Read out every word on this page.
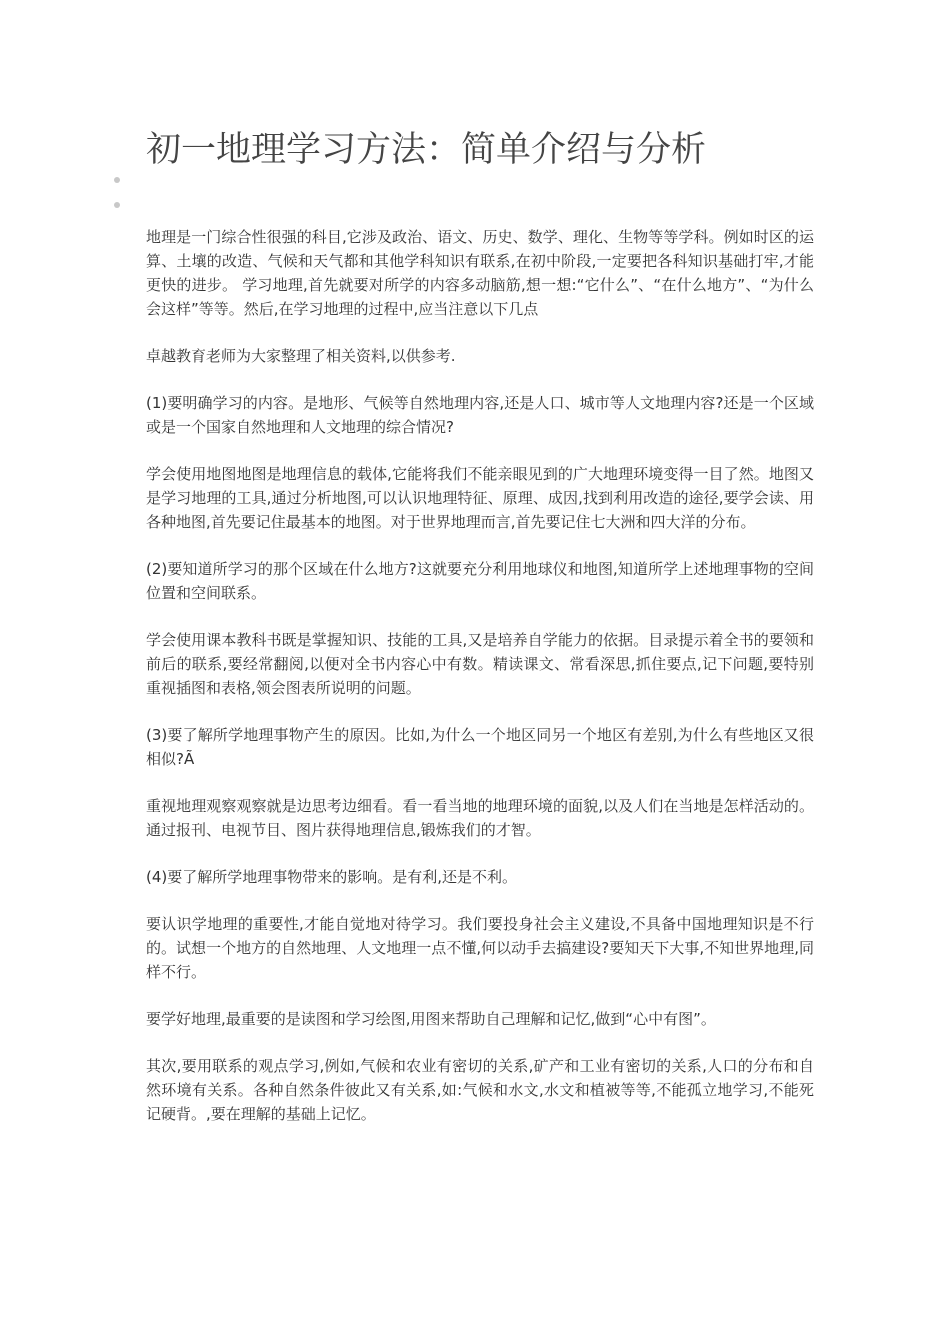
初一地理学习方法：简单介绍与分析

地理是一门综合性很强的科目,它涉及政治、语文、历史、数学、理化、生物等等学科。例如时区的运算、土壤的改造、气候和天气都和其他学科知识有联系,在初中阶段,一定要把各科知识基础打牢,才能更快的进步。 学习地理,首先就要对所学的内容多动脑筋,想一想:“它什么”、“在什么地方”、“为什么会这样”等等。然后,在学习地理的过程中,应当注意以下几点

卓越教育老师为大家整理了相关资料,以供参考.

(1)要明确学习的内容。是地形、气候等自然地理内容,还是人口、城市等人文地理内容?还是一个区域或是一个国家自然地理和人文地理的综合情况?

学会使用地图地图是地理信息的载体,它能将我们不能亲眼见到的广大地理环境变得一目了然。地图又是学习地理的工具,通过分析地图,可以认识地理特征、原理、成因,找到利用改造的途径,要学会读、用各种地图,首先要记住最基本的地图。对于世界地理而言,首先要记住七大洲和四大洋的分布。

(2)要知道所学习的那个区域在什么地方?这就要充分利用地球仪和地图,知道所学上述地理事物的空间位置和空间联系。

学会使用课本教科书既是掌握知识、技能的工具,又是培养自学能力的依据。目录提示着全书的要领和前后的联系,要经常翻阅,以便对全书内容心中有数。精读课文、常看深思,抓住要点,记下问题,要特别重视插图和表格,领会图表所说明的问题。

(3)要了解所学地理事物产生的原因。比如,为什么一个地区同另一个地区有差别,为什么有些地区又很相似?Ã

重视地理观察观察就是边思考边细看。看一看当地的地理环境的面貌,以及人们在当地是怎样活动的。通过报刊、电视节目、图片获得地理信息,锻炼我们的才智。

(4)要了解所学地理事物带来的影响。是有利,还是不利。

要认识学地理的重要性,才能自觉地对待学习。我们要投身社会主义建设,不具备中国地理知识是不行的。试想一个地方的自然地理、人文地理一点不懂,何以动手去搞建设?要知天下大事,不知世界地理,同样不行。

要学好地理,最重要的是读图和学习绘图,用图来帮助自己理解和记忆,做到“心中有图”。

其次,要用联系的观点学习,例如,气候和农业有密切的关系,矿产和工业有密切的关系,人口的分布和自然环境有关系。各种自然条件彼此又有关系,如:气候和水文,水文和植被等等,不能孤立地学习,不能死记硬背。,要在理解的基础上记忆。
